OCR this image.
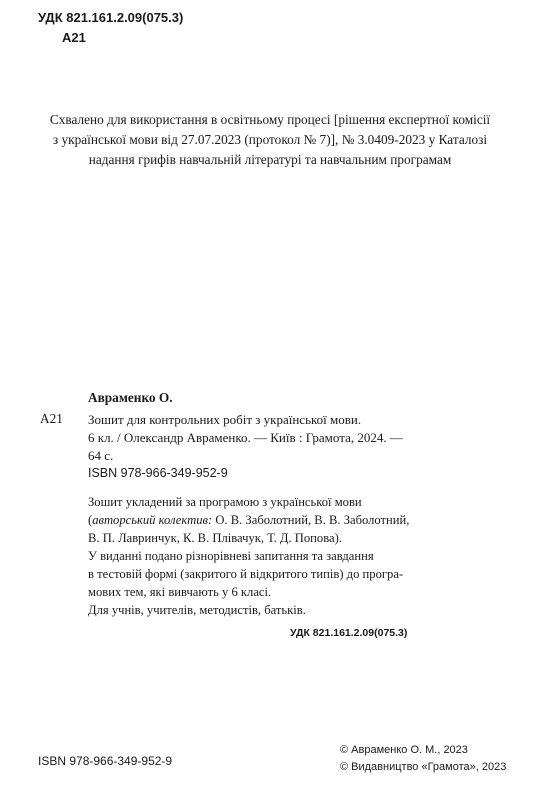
УДК 821.161.2.09(075.3)
А21
Схвалено для використання в освітньому процесі [рішення експертної комісії
з української мови від 27.07.2023 (протокол № 7)], № 3.0409-2023 у Каталозі
надання грифів навчальній літературі та навчальним програмам
Авраменко О.
А21 Зошит для контрольних робіт з української мови.
6 кл. / Олександр Авраменко. — Київ : Грамота, 2024. —
64 с.
ISBN 978-966-349-952-9
Зошит укладений за програмою з української мови
(авторський колектив: О. В. Заболотний, В. В. Заболотний,
В. П. Лавринчук, К. В. Плівачук, Т. Д. Попова).
У виданні подано різнорівневі запитання та завдання
в тестовій формі (закритого й відкритого типів) до програ-
мових тем, які вивчають у 6 класі.
Для учнів, учителів, методистів, батьків.
УДК 821.161.2.09(075.3)
ISBN 978-966-349-952-9
© Авраменко О. М., 2023
© Видавництво «Грамота», 2023
